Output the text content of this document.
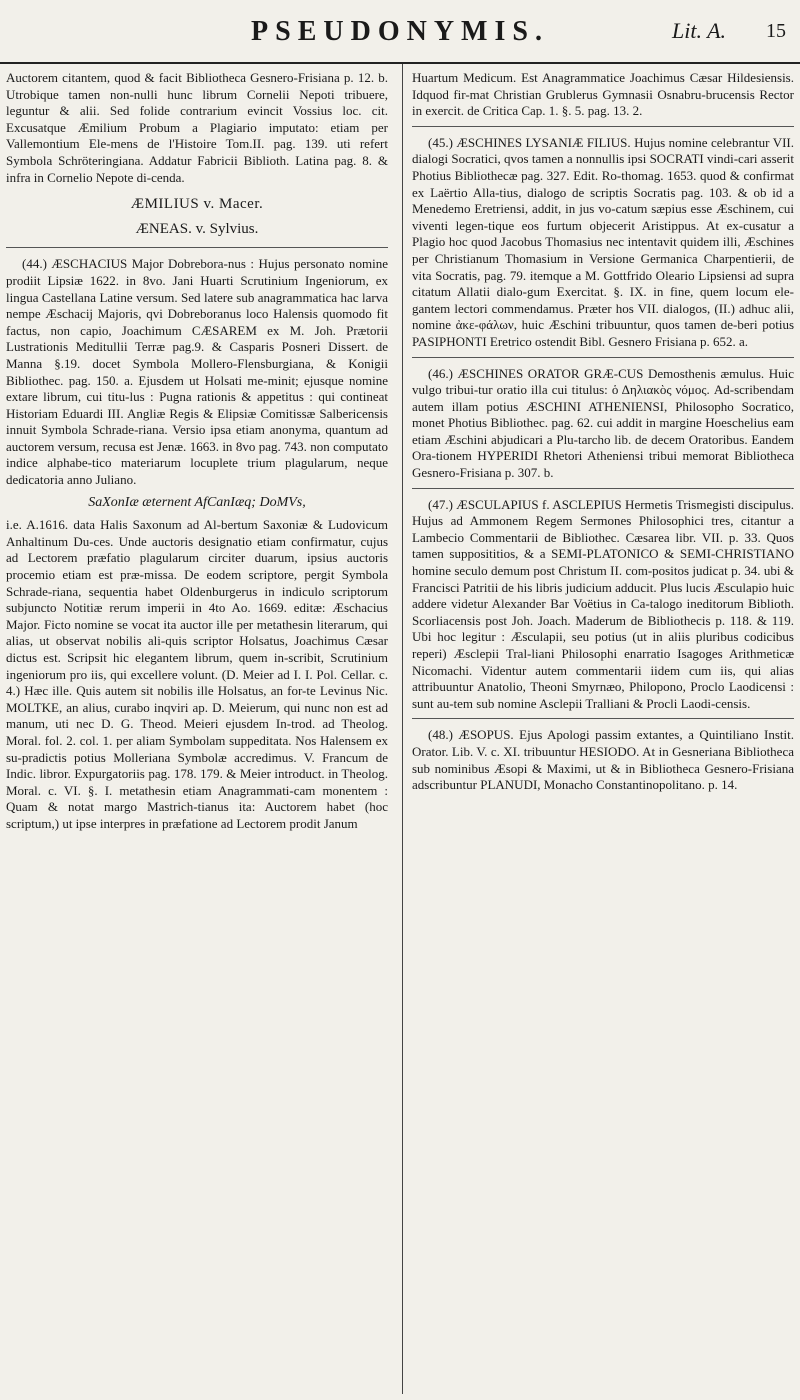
PSEUDONYMIS.	Lit. A. 15

Auctorem citantem, quod & facit Bibliotheca Gesnero-Frisiana p. 12. b. Utrobique tamen non-nulli hunc librum Cornelii Nepoti tribuere, leguntur & alii. Sed folide contrarium evincit Vossius loc. cit. Excusatque Æmilium Probum a Plagiario imputato: etiam per Vallemontium Ele-mens de l'Histoire Tom.II. pag. 139. uti refert Symbola Schröteringiana. Addatur Fabricii Biblioth. Latina pag. 8. & infra in Cornelio Nepote di-cenda.

ÆMILIUS v. Macer.
ÆNEAS. v. Sylvius.

(44.) ÆSCHACIUS Major Dobrebora-nus : Hujus personato nomine prodiit Lipsiæ 1622. in 8vo. Jani Huarti Scrutinium Ingeniorum, ex lingua Castellana Latine versum. Sed latere sub anagrammatica hac larva nempe Æschacij Majoris, qvi Dobreboranus loco Halensis quomodo fit factus, non capio, Joachimum CÆSAREM ex M. Joh. Prætorii Lustrationis Meditullii Terræ pag.9. & Casparis Posneri Dissert. de Manna §.19. docet Symbola Mollero-Flensburgiana, & Konigii Bibliothec. pag. 150. a. Ejusdem ut Holsati me-minit; ejusque nomine extare librum, cui titu-lus : Pugna rationis & appetitus : qui contineat Historiam Eduardi III. Angliæ Regis & Elipsiæ Comitissæ Salbericensis innuit Symbola Schrade-riana. Versio ipsa etiam anonyma, quantum ad auctorem versum, recusa est Jenæ. 1663. in 8vo pag. 743. non computato indice alphabe-tico materiarum locuplete trium plagularum, neque dedicatoria anno Juliano.

SaXonIæ æternent AfCanIæq; DoMVs,

i.e. A.1616. data Halis Saxonum ad Al-bertum Saxoniæ & Ludovicum Anhaltinum Du-ces. Unde auctoris designatio etiam confirmatur, cujus ad Lectorem præfatio plagularum circiter duarum, ipsius auctoris procemio etiam est præ-missa. De eodem scriptore, pergit Symbola Schrade-riana, sequentia habet Oldenburgerus in indiculo scriptorum subjuncto Notitiæ rerum imperii in 4to Ao. 1669. editæ: Æschacius Major. Ficto nomine se vocat ita auctor ille per metathesin literarum, qui alias, ut observat nobilis ali-quis scriptor Holsatus, Joachimus Cæsar dictus est. Scripsit hic elegantem librum, quem in-scribit, Scrutinium ingeniorum pro iis, qui excellere volunt. (D. Meier ad I. I. Pol. Cellar. c. 4.) Hæc ille. Quis autem sit nobilis ille Holsatus, an for-te Levinus Nic. MOLTKE, an alius, curabo inqviri ap. D. Meierum, qui nunc non est ad manum, uti nec D. G. Theod. Meieri ejusdem In-trod. ad Theolog. Moral. fol. 2. col. 1. per aliam Symbolam suppeditata. Nos Halensem ex su-pradictis potius Molleriana Symbolæ accredimus. V. Francum de Indic. libror. Expurgatoriis pag. 178. 179. & Meier introduct. in Theolog. Moral. c. VI. §. I. metathesin etiam Anagrammati-cam monentem : Quam & notat margo Mastrich-tianus ita: Auctorem habet (hoc scriptum,) ut ipse interpres in præfatione ad Lectorem prodit Janum

Huartum Medicum. Est Anagrammatice Joachimus Cæsar Hildesiensis. Idquod fir-mat Christian Grublerus Gymnasii Osnabru-brucensis Rector in exercit. de Critica Cap. 1. §. 5. pag. 13. 2.

(45.) ÆSCHINES LYSANIÆ FILIUS. Hujus nomine celebrantur VII. dialogi Socratici, qvos tamen a nonnullis ipsi SOCRATI vindi-cari asserit Photius Bibliothecæ pag. 327. Edit. Ro-thomag. 1653. quod & confirmat ex Laërtio Alla-tius, dialogo de scriptis Socratis pag. 103. & ob id a Menedemo Eretriensi, addit, in jus vo-catum sæpius esse Æschinem, cui viventi legen-tique eos furtum objecerit Aristippus. At ex-cusatur a Plagio hoc quod Jacobus Thomasius nec intentavit quidem illi, Æschines per Christianum Thomasium in Versione Germanica Charpentierii, de vita Socratis, pag. 79. itemque a M. Gottfrido Oleario Lipsiensi ad supra citatum Allatii dialo-gum Exercitat. §. IX. in fine, quem locum ele-gantem lectori commendamus. Præter hos VII. dialogos, (II.) adhuc alii, nomine ἀκε-φάλων, huic Æschini tribuuntur, quos tamen de-beri potius PASIPHONTI Eretrico ostendit Bibl. Gesnero Frisiana p. 652. a.

(46.) ÆSCHINES ORATOR GRÆ-CUS Demosthenis æmulus. Huic vulgo tribui-tur oratio illa cui titulus: ὁ Δηλιακὸς νόμος. Ad-scribendam autem illam potius ÆSCHINI ATHENIENSI, Philosopho Socratico, monet Photius Bibliothec. pag. 62. cui addit in margine Hoeschelius eam etiam Æschini abjudicari a Plu-tarcho lib. de decem Oratoribus. Eandem Ora-tionem HYPERIDI Rhetori Atheniensi tribui memorat Bibliotheca Gesnero-Frisiana p. 307. b.

(47.) ÆSCULAPIUS f. ASCLEPIUS Hermetis Trismegisti discipulus. Hujus ad Ammonem Regem Sermones Philosophici tres, citantur a Lambecio Commentarii de Bibliothec. Cæsarea libr. VII. p. 33. Quos tamen supposititios, & a SEMI-PLATONICO & SEMI-CHRISTIANO homine seculo demum post Christum II. com-positos judicat p. 34. ubi & Francisci Patritii de his libris judicium adducit. Plus lucis Æsculapio huic addere videtur Alexander Bar Voëtius in Ca-talogo ineditorum Biblioth. Scorliacensis post Joh. Joach. Maderum de Bibliothecis p. 118. & 119. Ubi hoc legitur : Æsculapii, seu potius (ut in aliis pluribus codicibus reperi) Æsclepii Tral-liani Philosophi enarratio Isagoges Arithmeticæ Nicomachi. Videntur autem commentarii iidem cum iis, qui alias attribuuntur Anatolio, Theoni Smyrnæo, Philopono, Proclo Laodicensi : sunt au-tem sub nomine Asclepii Tralliani & Procli Laodi-censis.

(48.) ÆSOPUS. Ejus Apologi passim extantes, a Quintiliano Instit. Orator. Lib. V. c. XI. tribuuntur HESIODO. At in Gesneriana Bibliotheca sub nominibus Æsopi & Maximi, ut & in Bibliotheca Gesnero-Frisiana adscribuntur PLANUDI, Monacho Constantinopolitano. p. 14.
